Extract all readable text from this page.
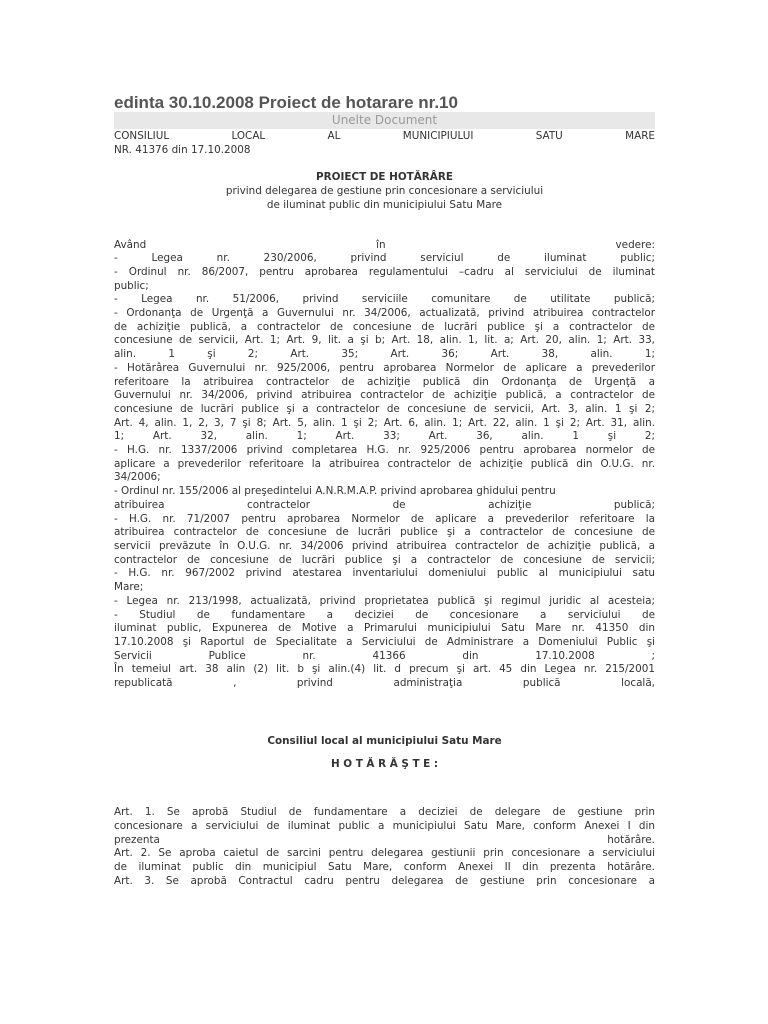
edinta 30.10.2008 Proiect de hotarare nr.10
Unelte Document
CONSILIUL LOCAL AL MUNICIPIULUI SATU MARE
NR. 41376 din 17.10.2008
PROIECT DE HOTĂRÂRE
privind delegarea de gestiune prin concesionare a serviciului
de iluminat public din municipiului Satu Mare
Având în vedere:
- Legea nr. 230/2006, privind serviciul de iluminat public;
- Ordinul nr. 86/2007, pentru aprobarea regulamentului –cadru al serviciului de iluminat
public;
- Legea nr. 51/2006, privind serviciile comunitare de utilitate publică;
- Ordonanţa de Urgenţă a Guvernului nr. 34/2006, actualizată, privind atribuirea contractelor
de achiziţie publică, a contractelor de concesiune de lucrări publice şi a contractelor de
concesiune de servicii, Art. 1; Art. 9, lit. a şi b; Art. 18, alin. 1, lit. a; Art. 20, alin. 1; Art. 33,
alin. 1 şi 2; Art. 35; Art. 36; Art. 38, alin. 1;
- Hotărârea Guvernului nr. 925/2006, pentru aprobarea Normelor de aplicare a prevederilor
referitoare la atribuirea contractelor de achiziţie publică din Ordonanţa de Urgenţă a
Guvernului nr. 34/2006, privind atribuirea contractelor de achiziţie publică, a contractelor de
concesiune de lucrări publice şi a contractelor de concesiune de servicii, Art. 3, alin. 1 şi 2;
Art. 4, alin. 1, 2, 3, 7 şi 8; Art. 5, alin. 1 şi 2; Art. 6, alin. 1; Art. 22, alin. 1 şi 2; Art. 31, alin.
1; Art. 32, alin. 1; Art. 33; Art. 36, alin. 1 şi 2;
- H.G. nr. 1337/2006 privind completarea H.G. nr. 925/2006 pentru aprobarea normelor de
aplicare a prevederilor referitoare la atribuirea contractelor de achiziţie publică din O.U.G. nr.
34/2006;
- Ordinul nr. 155/2006 al preşedintelui A.N.R.M.A.P. privind aprobarea ghidului pentru
atribuirea contractelor de achiziţie publică;
- H.G. nr. 71/2007 pentru aprobarea Normelor de aplicare a prevederilor referitoare la
atribuirea contractelor de concesiune de lucrări publice şi a contractelor de concesiune de
servicii prevăzute în O.U.G. nr. 34/2006 privind atribuirea contractelor de achiziţie publică, a
contractelor de concesiune de lucrări publice şi a contractelor de concesiune de servicii;
- H.G. nr. 967/2002 privind atestarea inventariului domeniului public al municipiului satu
Mare;
- Legea nr. 213/1998, actualizată, privind proprietatea publică şi regimul juridic al acesteia;
- Studiul de fundamentare a deciziei de concesionare a serviciului de
iluminat public, Expunerea de Motive a Primarului municipiului Satu Mare nr. 41350 din
17.10.2008 şi Raportul de Specialitate a Serviciului de Administrare a Domeniului Public şi
Servicii Publice nr. 41366 din 17.10.2008 ;
În temeiul art. 38 alin (2) lit. b şi alin.(4) lit. d precum şi art. 45 din Legea nr. 215/2001
republicată , privind administraţia publică locală,
Consiliul local al municipiului Satu Mare
H O T Ă R Ă Ş T E :
Art. 1. Se aprobă Studiul de fundamentare a deciziei de delegare de gestiune prin
concesionare a serviciului de iluminat public a municipiului Satu Mare, conform Anexei I din
prezenta hotărâre.
Art. 2. Se aproba caietul de sarcini pentru delegarea gestiunii prin concesionare a serviciului
de iluminat public din municipiul Satu Mare, conform Anexei II din prezenta hotărâre.
Art. 3. Se aprobă Contractul cadru pentru delegarea de gestiune prin concesionare a
